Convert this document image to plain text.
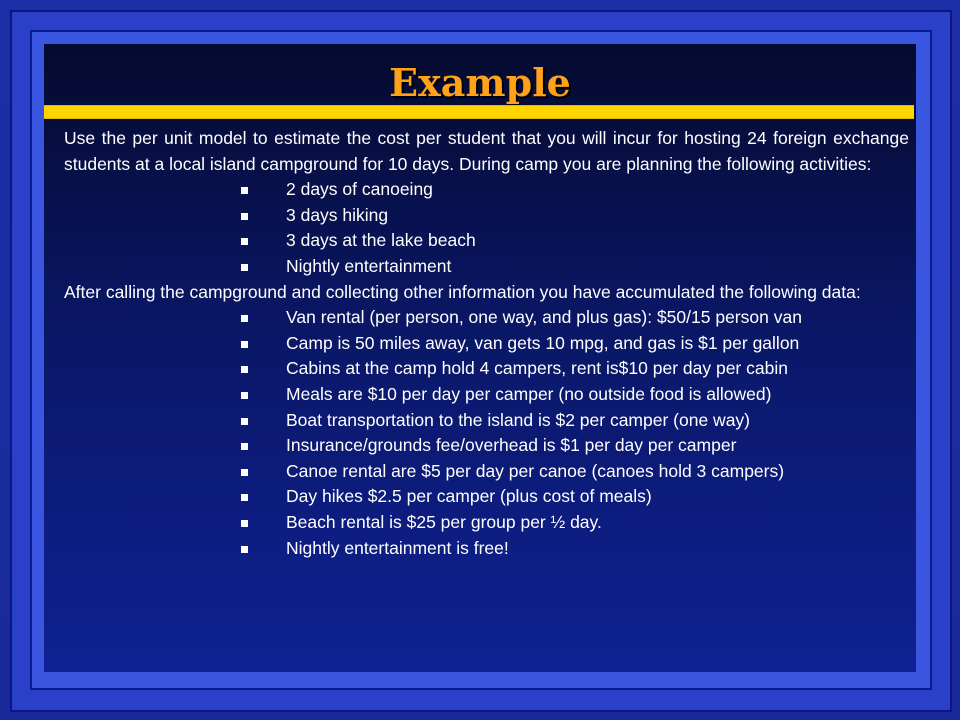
Example

Use the per unit model to estimate the cost per student that you will incur for hosting 24 foreign exchange students at a local island campground for 10 days. During camp you are planning the following activities:

2 days of canoeing
3 days hiking
3 days at the lake beach
Nightly entertainment

After calling the campground and collecting other information you have accumulated the following data:

Van rental (per person, one way, and plus gas): $50/15 person van
Camp is 50 miles away, van gets 10 mpg, and gas is $1 per gallon
Cabins at the camp hold 4 campers, rent is$10 per day per cabin
Meals are $10 per day per camper (no outside food is allowed)
Boat transportation to the island is $2 per camper (one way)
Insurance/grounds fee/overhead is $1 per day per camper
Canoe rental are $5 per day per canoe (canoes hold 3 campers)
Day hikes $2.5 per camper (plus cost of meals)
Beach rental is $25 per group per ½ day.
Nightly entertainment is free!
